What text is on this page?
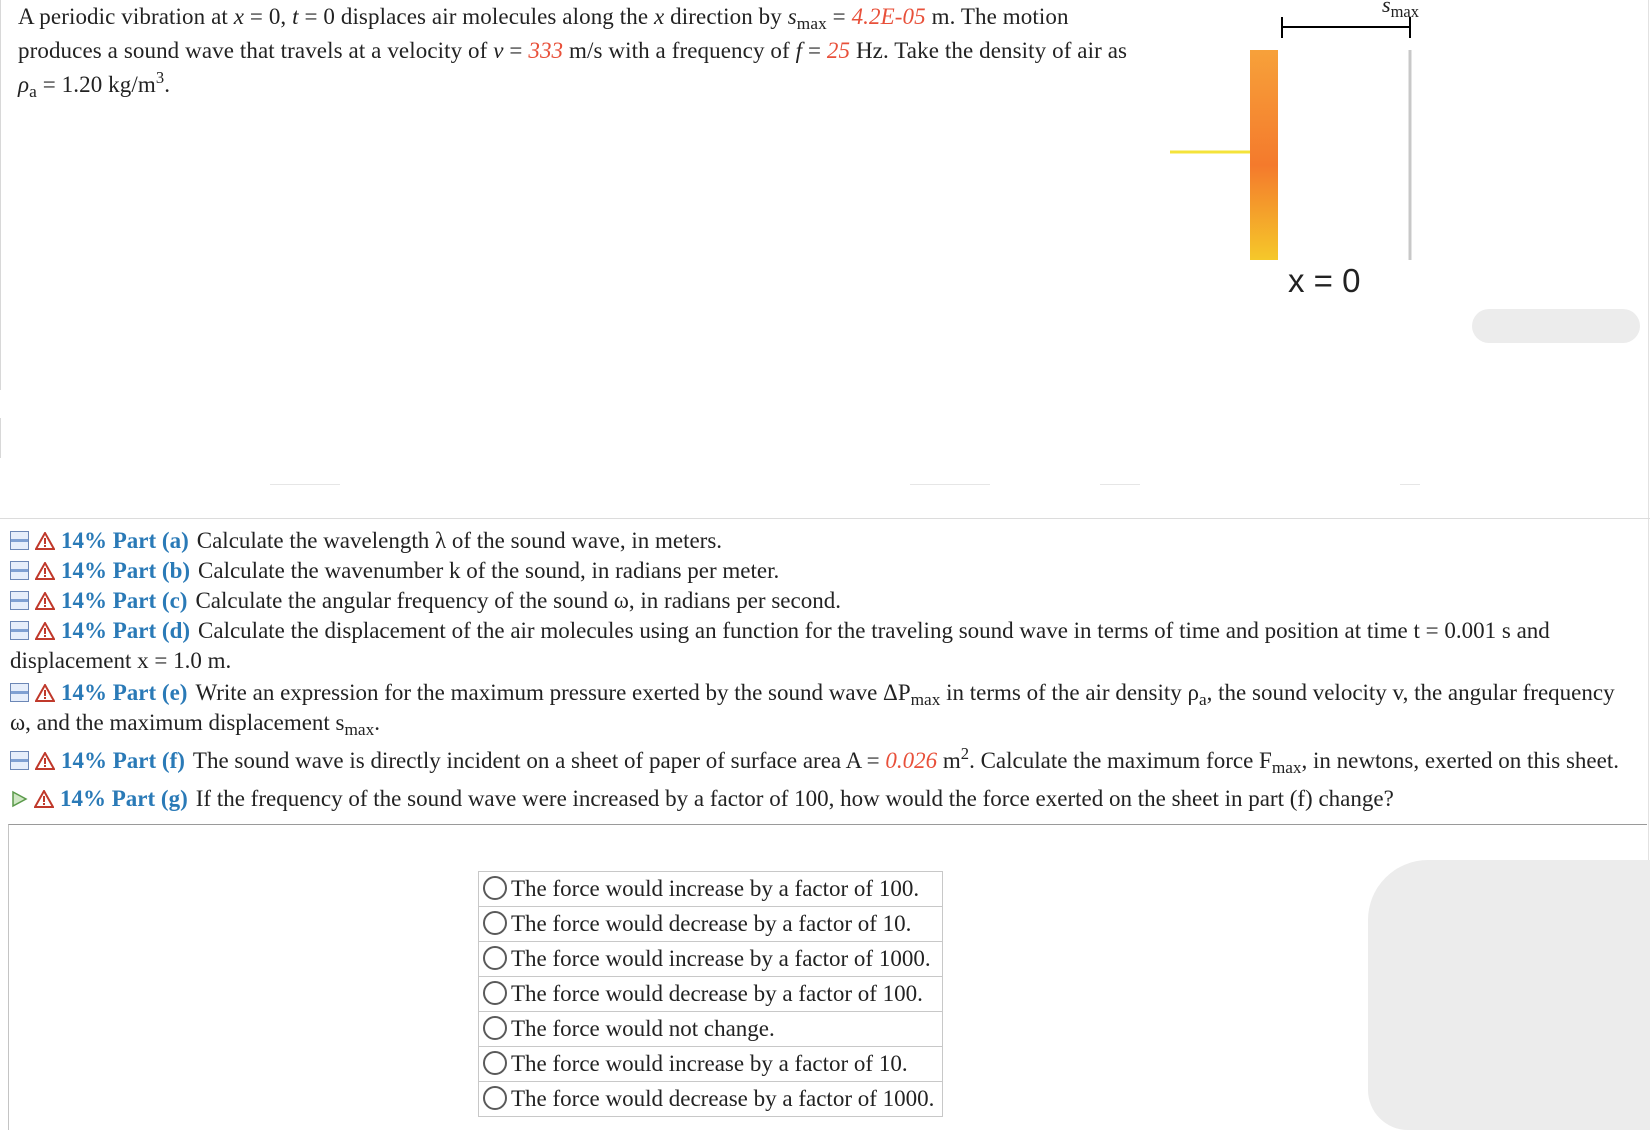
A periodic vibration at x = 0, t = 0 displaces air molecules along the x direction by $s_{max} = 4.2E-05$ m. The motion produces a sound wave that travels at a velocity of v = 333 m/s with a frequency of f = 25 Hz. Take the density of air as $\rho_a = 1.20$ $kg/m^3$.
$s_{max}$
x = 0
14% Part (a) Calculate the wavelength λ of the sound wave, in meters.
14% Part (b) Calculate the wavenumber k of the sound, in radians per meter.
14% Part (c) Calculate the angular frequency of the sound ω, in radians per second.
14% Part (d) Calculate the displacement of the air molecules using an function for the traveling sound wave in terms of time and position at time t = 0.001 s and displacement x = 1.0 m.
14% Part (e) Write an expression for the maximum pressure exerted by the sound wave $\Delta P_{max}$ in terms of the air density $\rho_a$, the sound velocity v, the angular frequency ω, and the maximum displacement $s_{max}$.
14% Part (f) The sound wave is directly incident on a sheet of paper of surface area A = 0.026 $m^2$. Calculate the maximum force $F_{max}$, in newtons, exerted on this sheet.
14% Part (g) If the frequency of the sound wave were increased by a factor of 100, how would the force exerted on the sheet in part (f) change?
The force would increase by a factor of 100.
The force would decrease by a factor of 10.
The force would increase by a factor of 1000.
The force would decrease by a factor of 100.
The force would not change.
The force would increase by a factor of 10.
The force would decrease by a factor of 1000.
